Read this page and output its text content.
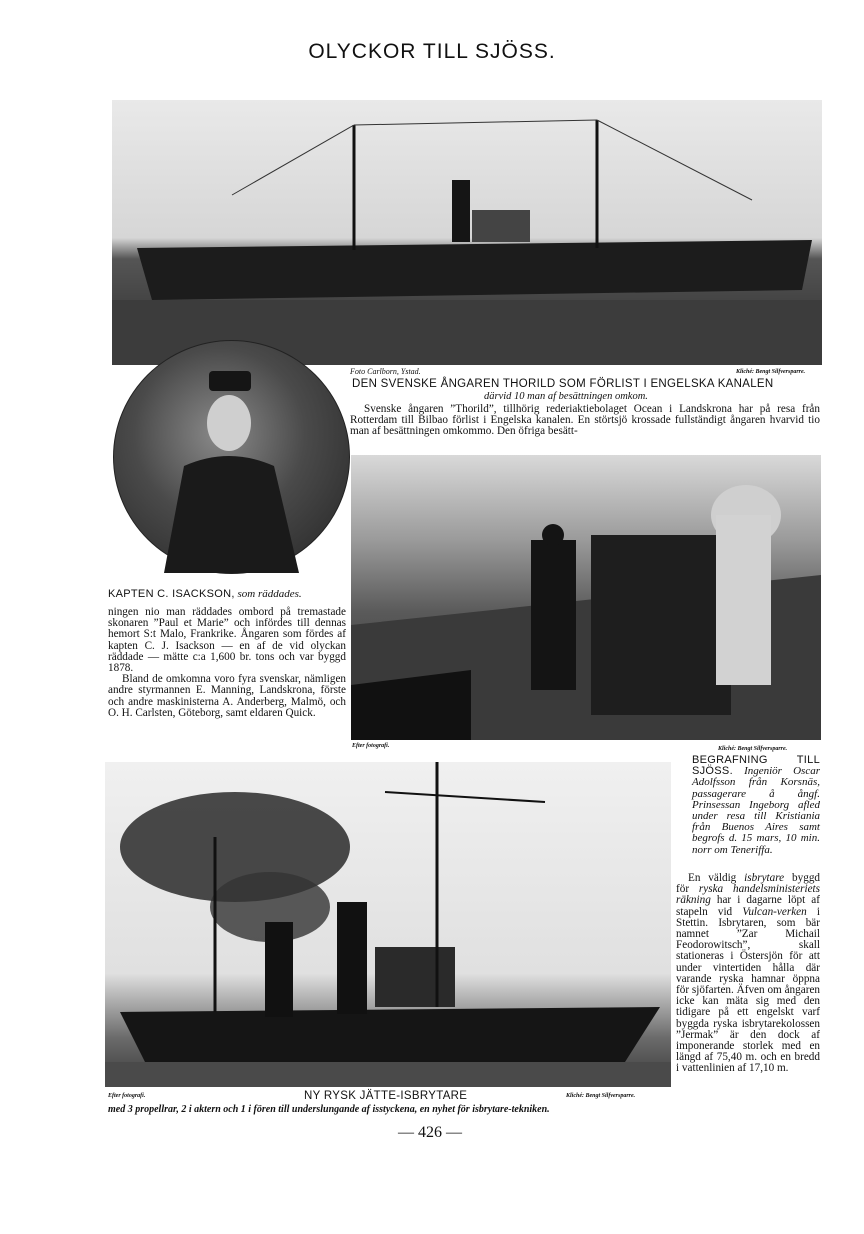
OLYCKOR TILL SJÖSS.
Foto Carlborn, Ystad.	Kliché: Bengt Silfversparre.
DEN SVENSKE ÅNGAREN THORILD SOM FÖRLIST I ENGELSKA KANALEN
därvid 10 man af besättningen omkom.
Svenske ångaren ”Thorild”, tillhörig rederiaktiebolaget Ocean i Landskrona har på resa från Rotterdam till Bilbao förlist i Engelska kanalen. En störtsjö krossade fullständigt ångaren hvarvid tio man af besättningen omkommo. Den öfriga besätt-
KAPTEN C. ISACKSON, som räddades.

ningen nio man räddades ombord på tremastade skonaren ”Paul et Marie” och infördes till dennas hemort S:t Malo, Frankrike. Ångaren som fördes af kapten C. J. Isackson — en af de vid olyckan räddade — mätte c:a 1,600 br. tons och var byggd 1878.

Bland de omkomna voro fyra svenskar, nämligen andre styrmannen E. Manning, Landskrona, förste och andre maskinisterna A. Anderberg, Malmö, och O. H. Carlsten, Göteborg, samt eldaren Quick.

Efter fotografi.	Kliché: Bengt Silfversparre.
BEGRAFNING TILL SJÖSS. Ingeniör Oscar Adolfsson från Korsnäs, passagerare å ångf. Prinsessan Ingeborg afled under resa till Kristiania från Buenos Aires samt begrofs d. 15 mars, 10 min. norr om Teneriffa.
En väldig isbrytare byggd för ryska handelsministeriets räkning har i dagarne löpt af stapeln vid Vulcan-verken i Stettin. Isbrytaren, som bär namnet ”Zar Michail Feodorowitsch”, skall stationeras i Östersjön för att under vintertiden hålla där varande ryska hamnar öppna för sjöfarten. Äfven om ångaren icke kan mäta sig med den tidigare på ett engelskt varf byggda ryska isbrytarekolossen ”Jermak” är den dock af imponerande storlek med en längd af 75,40 m. och en bredd i vattenlinien af 17,10 m.
Efter fotografi.	NY RYSK JÄTTE-ISBRYTARE	Kliché: Bengt Silfversparre.
med 3 propellrar, 2 i aktern och 1 i fören till underslungande af isstyckena, en nyhet för isbrytare-tekniken.
— 426 —
